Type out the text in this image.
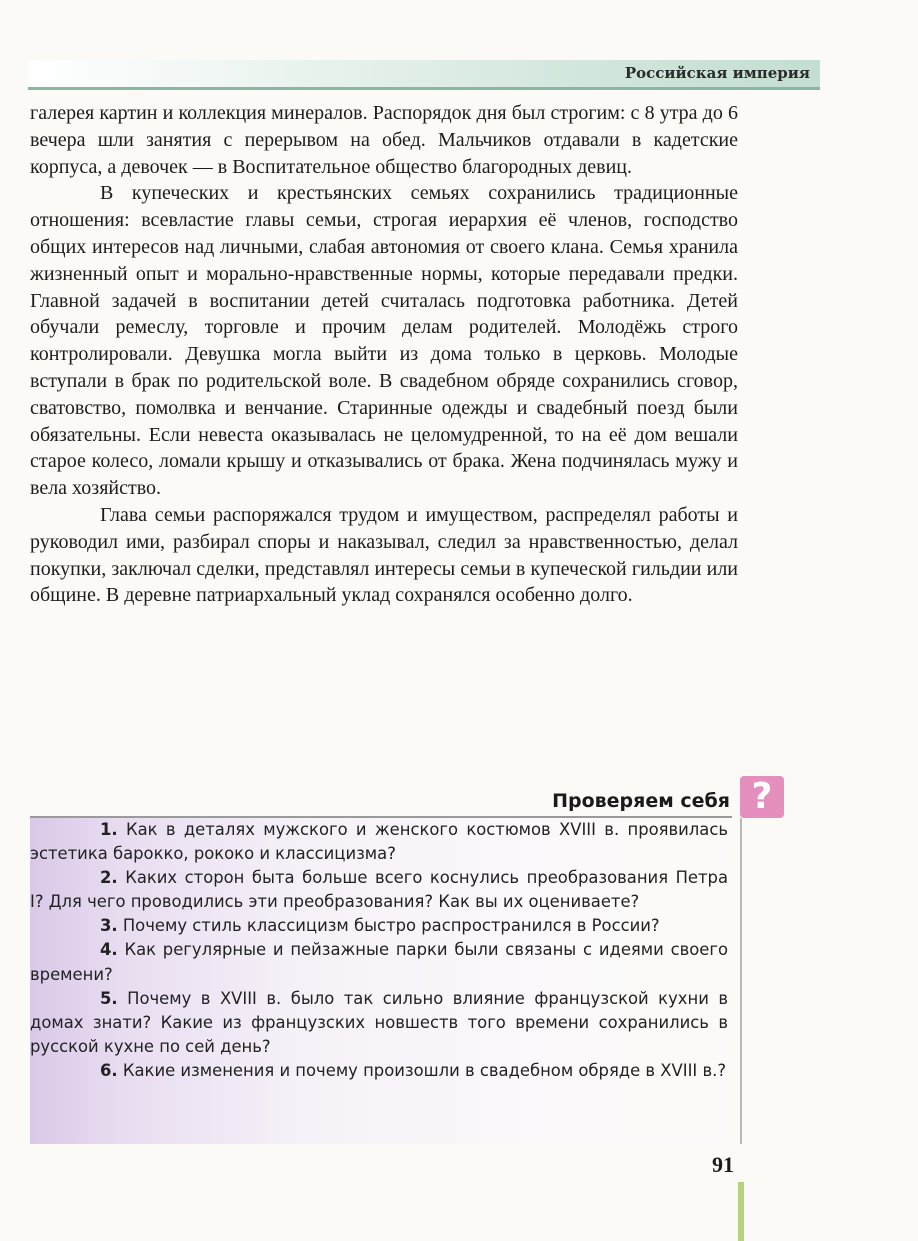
Российская империя

галерея картин и коллекция минералов. Распорядок дня был строгим: с 8 утра до 6 вечера шли занятия с перерывом на обед. Мальчиков отдавали в кадетские корпуса, а девочек — в Воспитательное общество благородных девиц.

В купеческих и крестьянских семьях сохранились традиционные отношения: всевластие главы семьи, строгая иерархия её членов, господство общих интересов над личными, слабая автономия от своего клана. Семья хранила жизненный опыт и морально-нравственные нормы, которые передавали предки. Главной задачей в воспитании детей считалась подготовка работника. Детей обучали ремеслу, торговле и прочим делам родителей. Молодёжь строго контролировали. Девушка могла выйти из дома только в церковь. Молодые вступали в брак по родительской воле. В свадебном обряде сохранились сговор, сватовство, помолвка и венчание. Старинные одежды и свадебный поезд были обязательны. Если невеста оказывалась не целомудренной, то на её дом вешали старое колесо, ломали крышу и отказывались от брака. Жена подчинялась мужу и вела хозяйство.

Глава семьи распоряжался трудом и имуществом, распределял работы и руководил ими, разбирал споры и наказывал, следил за нравственностью, делал покупки, заключал сделки, представлял интересы семьи в купеческой гильдии или общине. В деревне патриархальный уклад сохранялся особенно долго.

Проверяем себя ?

1. Как в деталях мужского и женского костюмов XVIII в. проявилась эстетика барокко, рококо и классицизма?

2. Каких сторон быта больше всего коснулись преобразования Петра I? Для чего проводились эти преобразования? Как вы их оцениваете?

3. Почему стиль классицизм быстро распространился в России?

4. Как регулярные и пейзажные парки были связаны с идеями своего времени?

5. Почему в XVIII в. было так сильно влияние французской кухни в домах знати? Какие из французских новшеств того времени сохранились в русской кухне по сей день?

6. Какие изменения и почему произошли в свадебном обряде в XVIII в.?

91
